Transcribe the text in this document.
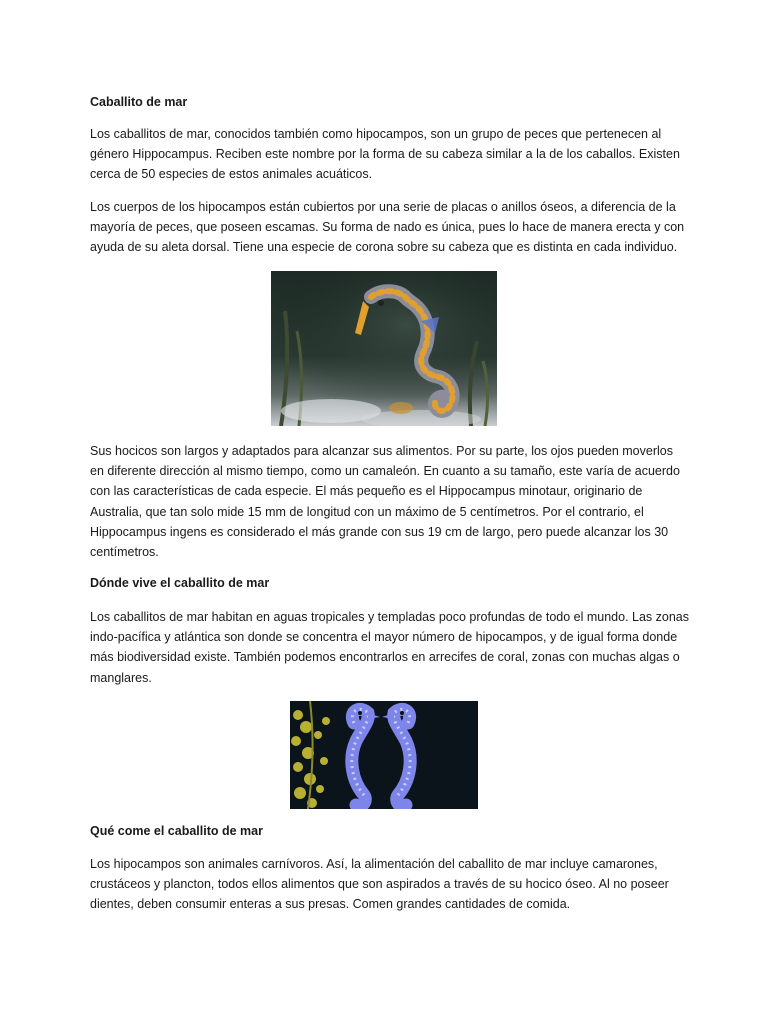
Caballito de mar

Los caballitos de mar, conocidos también como hipocampos, son un grupo de peces que pertenecen al género Hippocampus. Reciben este nombre por la forma de su cabeza similar a la de los caballos. Existen cerca de 50 especies de estos animales acuáticos.

Los cuerpos de los hipocampos están cubiertos por una serie de placas o anillos óseos, a diferencia de la mayoría de peces, que poseen escamas. Su forma de nado es única, pues lo hace de manera erecta y con ayuda de su aleta dorsal. Tiene una especie de corona sobre su cabeza que es distinta en cada individuo.

Sus hocicos son largos y adaptados para alcanzar sus alimentos. Por su parte, los ojos pueden moverlos en diferente dirección al mismo tiempo, como un camaleón. En cuanto a su tamaño, este varía de acuerdo con las características de cada especie. El más pequeño es el Hippocampus minotaur, originario de Australia, que tan solo mide 15 mm de longitud con un máximo de 5 centímetros. Por el contrario, el Hippocampus ingens es considerado el más grande con sus 19 cm de largo, pero puede alcanzar los 30 centímetros.

Dónde vive el caballito de mar

Los caballitos de mar habitan en aguas tropicales y templadas poco profundas de todo el mundo. Las zonas indo-pacífica y atlántica son donde se concentra el mayor número de hipocampos, y de igual forma donde más biodiversidad existe. También podemos encontrarlos en arrecifes de coral, zonas con muchas algas o manglares.

Qué come el caballito de mar

Los hipocampos son animales carnívoros. Así, la alimentación del caballito de mar incluye camarones, crustáceos y plancton, todos ellos alimentos que son aspirados a través de su hocico óseo. Al no poseer dientes, deben consumir enteras a sus presas. Comen grandes cantidades de comida.
